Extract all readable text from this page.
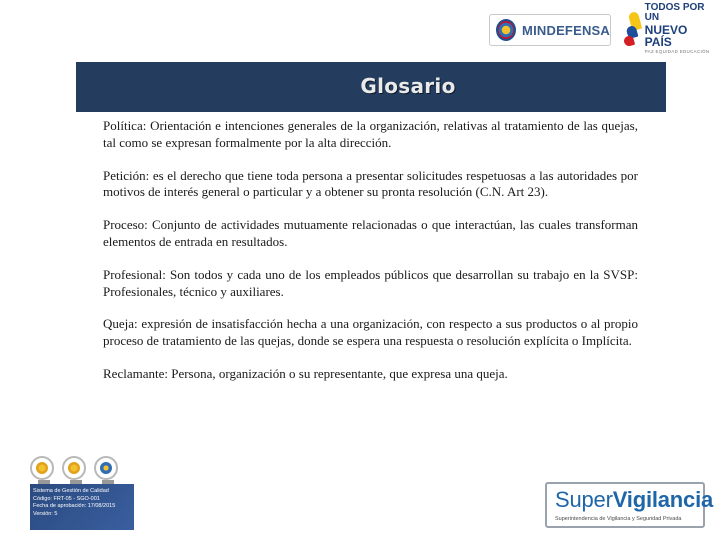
MINDEFENSA
TODOS POR UN
NUEVO PAÍS
PAZ EQUIDAD EDUCACIÓN
Glosario

Política: Orientación e intenciones generales de la organización, relativas al tratamiento de las quejas, tal como se expresan formalmente por la alta dirección.

Petición: es el derecho que tiene toda persona a presentar solicitudes respetuosas a las autoridades por motivos de interés general o particular y a obtener su pronta resolución (C.N. Art 23).

Proceso: Conjunto de actividades mutuamente relacionadas o que interactúan, las cuales transforman elementos de entrada en resultados.

Profesional: Son todos y cada uno de los empleados públicos que desarrollan su trabajo en la SVSP: Profesionales, técnico y auxiliares.

Queja: expresión de insatisfacción hecha a una organización, con respecto a sus productos o al propio proceso de tratamiento de las quejas, donde se espera una respuesta o resolución explícita o Implícita.

Reclamante: Persona, organización o su representante, que expresa una queja.

Sistema de Gestión de Calidad
Código: FRT-05 - SGO-001
Fecha de aprobación: 17/08/2015
Versión: 5
SuperVigilancia
Superintendencia de Vigilancia y Seguridad Privada
